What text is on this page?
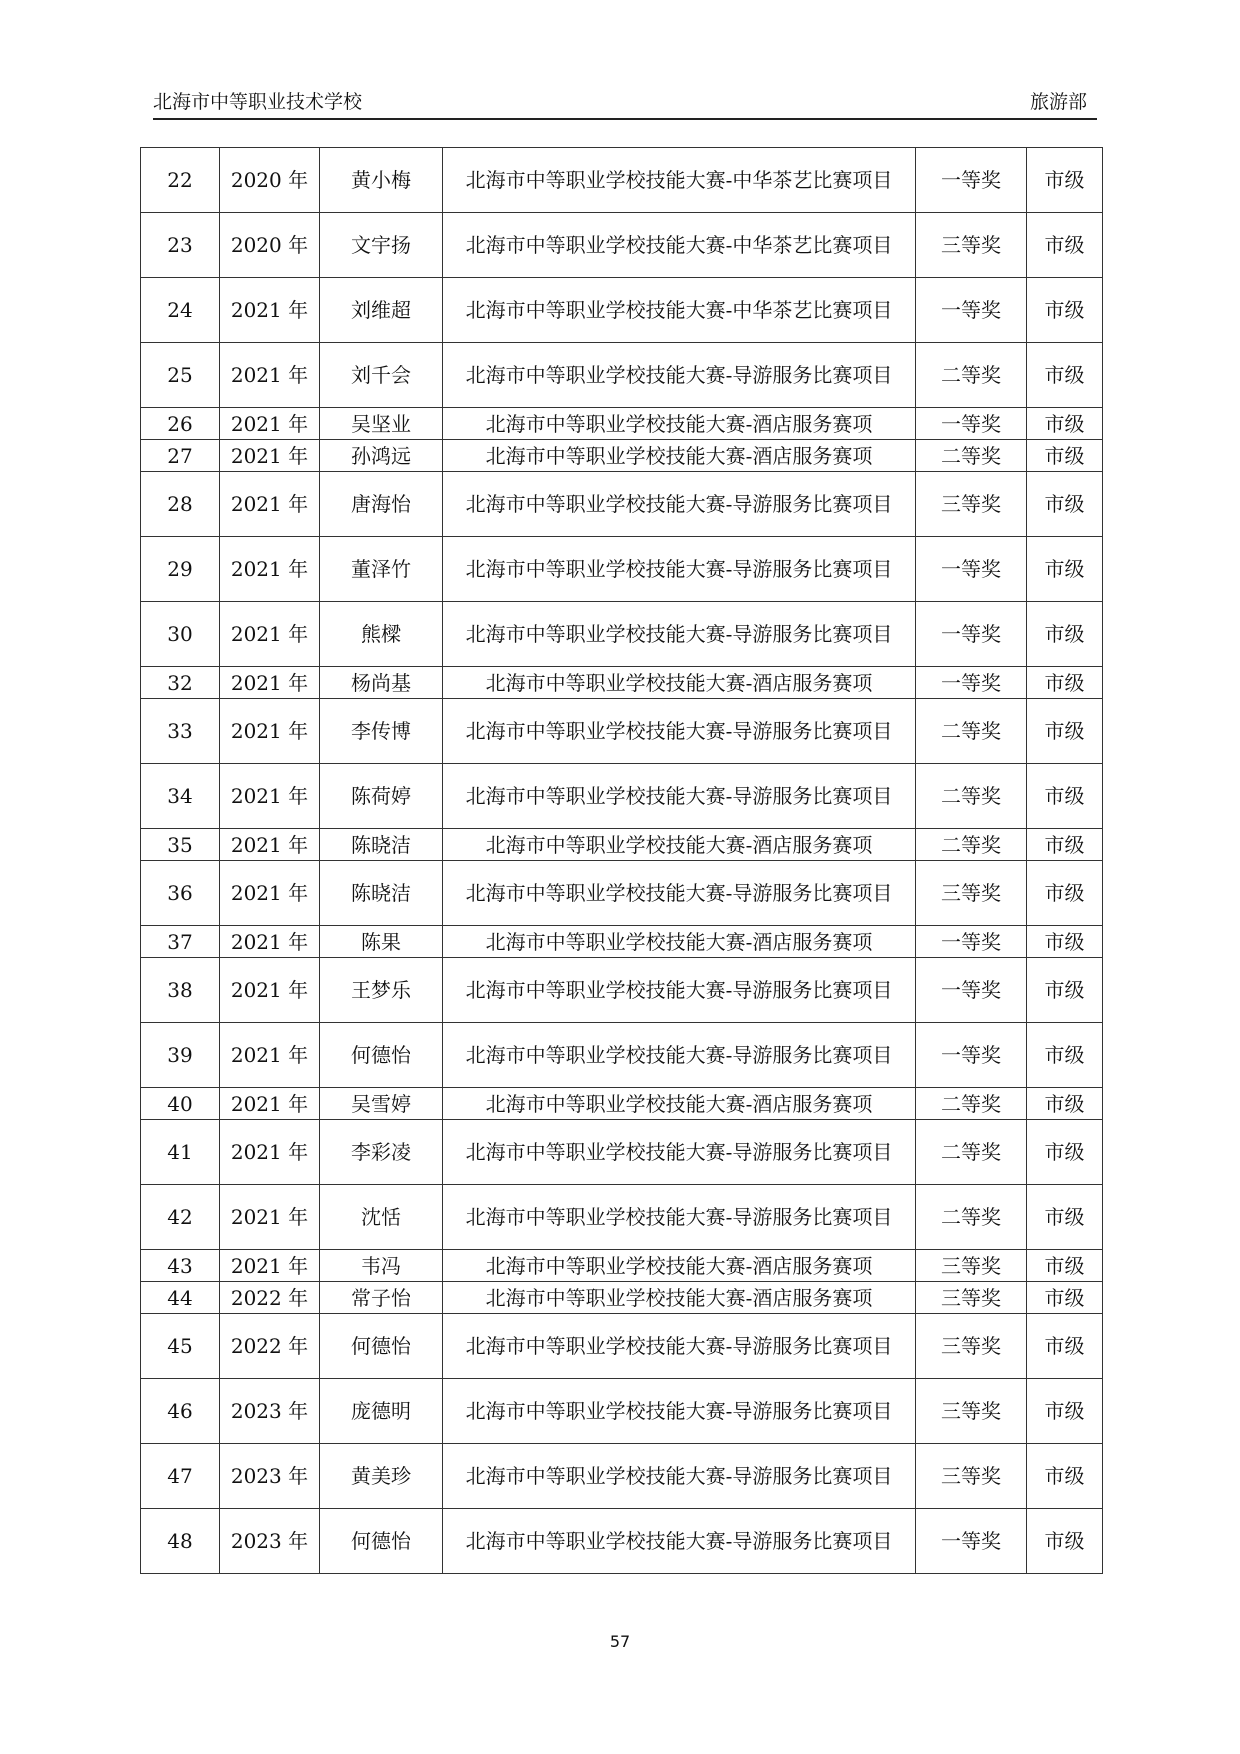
北海市中等职业技术学校	旅游部
22	2020 年	黄小梅	北海市中等职业学校技能大赛-中华茶艺比赛项目	一等奖	市级
23	2020 年	文宇扬	北海市中等职业学校技能大赛-中华茶艺比赛项目	三等奖	市级
24	2021 年	刘维超	北海市中等职业学校技能大赛-中华茶艺比赛项目	一等奖	市级
25	2021 年	刘千会	北海市中等职业学校技能大赛-导游服务比赛项目	二等奖	市级
26	2021 年	吴坚业	北海市中等职业学校技能大赛-酒店服务赛项	一等奖	市级
27	2021 年	孙鸿远	北海市中等职业学校技能大赛-酒店服务赛项	二等奖	市级
28	2021 年	唐海怡	北海市中等职业学校技能大赛-导游服务比赛项目	三等奖	市级
29	2021 年	董泽竹	北海市中等职业学校技能大赛-导游服务比赛项目	一等奖	市级
30	2021 年	熊樑	北海市中等职业学校技能大赛-导游服务比赛项目	一等奖	市级
32	2021 年	杨尚基	北海市中等职业学校技能大赛-酒店服务赛项	一等奖	市级
33	2021 年	李传博	北海市中等职业学校技能大赛-导游服务比赛项目	二等奖	市级
34	2021 年	陈荷婷	北海市中等职业学校技能大赛-导游服务比赛项目	二等奖	市级
35	2021 年	陈晓洁	北海市中等职业学校技能大赛-酒店服务赛项	二等奖	市级
36	2021 年	陈晓洁	北海市中等职业学校技能大赛-导游服务比赛项目	三等奖	市级
37	2021 年	陈果	北海市中等职业学校技能大赛-酒店服务赛项	一等奖	市级
38	2021 年	王梦乐	北海市中等职业学校技能大赛-导游服务比赛项目	一等奖	市级
39	2021 年	何德怡	北海市中等职业学校技能大赛-导游服务比赛项目	一等奖	市级
40	2021 年	吴雪婷	北海市中等职业学校技能大赛-酒店服务赛项	二等奖	市级
41	2021 年	李彩凌	北海市中等职业学校技能大赛-导游服务比赛项目	二等奖	市级
42	2021 年	沈恬	北海市中等职业学校技能大赛-导游服务比赛项目	二等奖	市级
43	2021 年	韦冯	北海市中等职业学校技能大赛-酒店服务赛项	三等奖	市级
44	2022 年	常子怡	北海市中等职业学校技能大赛-酒店服务赛项	三等奖	市级
45	2022 年	何德怡	北海市中等职业学校技能大赛-导游服务比赛项目	三等奖	市级
46	2023 年	庞德明	北海市中等职业学校技能大赛-导游服务比赛项目	三等奖	市级
47	2023 年	黄美珍	北海市中等职业学校技能大赛-导游服务比赛项目	三等奖	市级
48	2023 年	何德怡	北海市中等职业学校技能大赛-导游服务比赛项目	一等奖	市级
57
